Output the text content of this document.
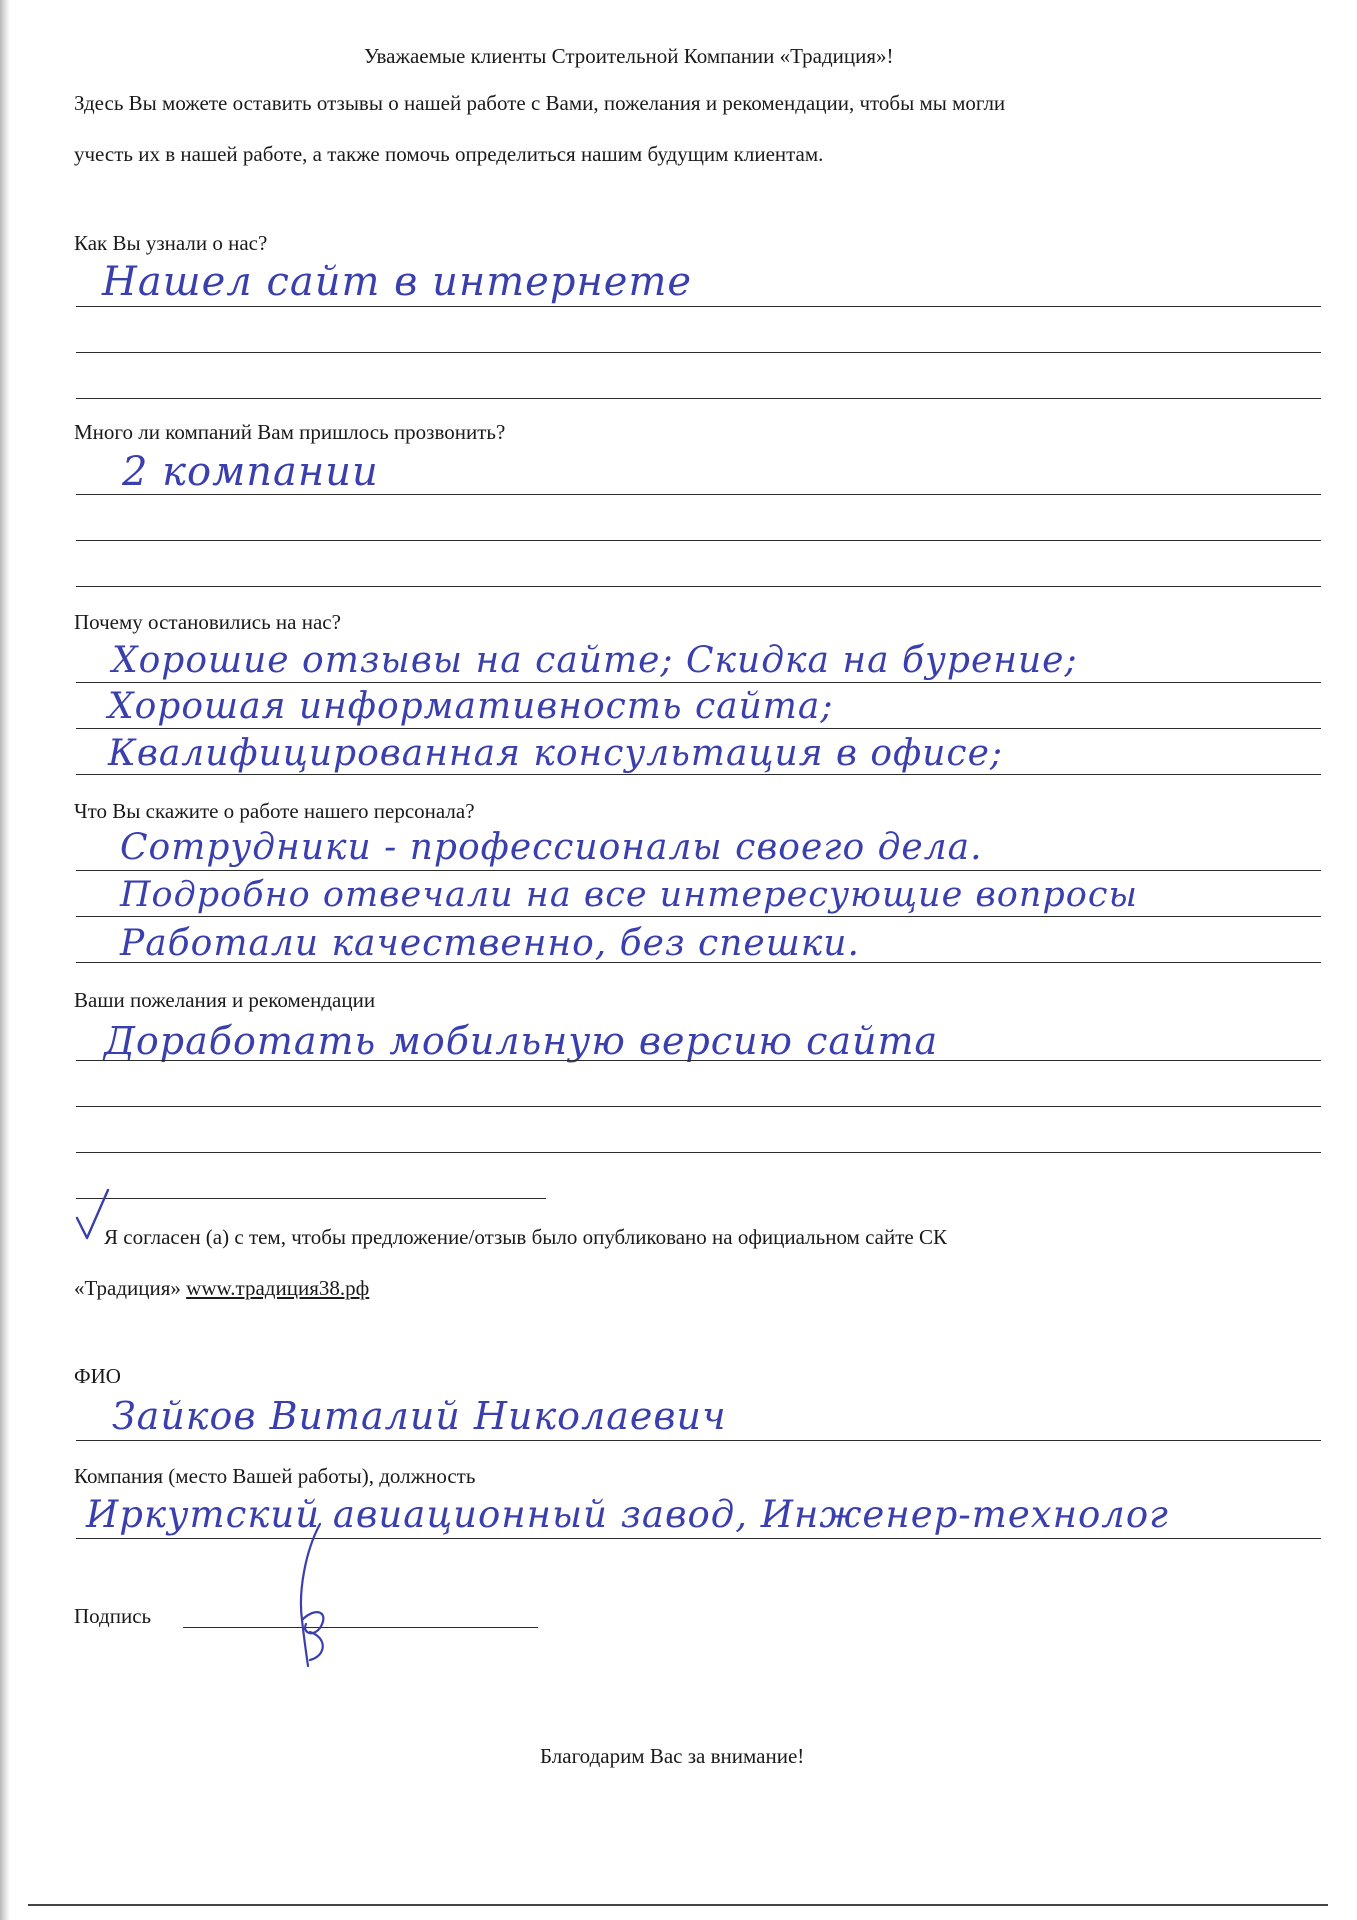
Уважаемые клиенты Строительной Компании «Традиция»!
Здесь Вы можете оставить отзывы о нашей работе с Вами, пожелания и рекомендации, чтобы мы могли
учесть их в нашей работе, а также помочь определиться нашим будущим клиентам.
Как Вы узнали о нас?
Нашел сайт в интернете
Много ли компаний Вам пришлось прозвонить?
2 компании
Почему остановились на нас?
Хорошие отзывы на сайте; Скидка на бурение;
Хорошая информативность сайта;
Квалифицированная консультация в офисе;
Что Вы скажите о работе нашего персонала?
Сотрудники - профессионалы своего дела.
Подробно отвечали на все интересующие вопросы
Работали качественно, без спешки.
Ваши пожелания и рекомендации
Доработать мобильную версию сайта
Я согласен (а) с тем, чтобы предложение/отзыв было опубликовано на официальном сайте СК
«Традиция» www.традиция38.рф
ФИО
Зайков Виталий Николаевич
Компания (место Вашей работы), должность
Иркутский авиационный завод, Инженер-технолог
Подпись
Благодарим Вас за внимание!
